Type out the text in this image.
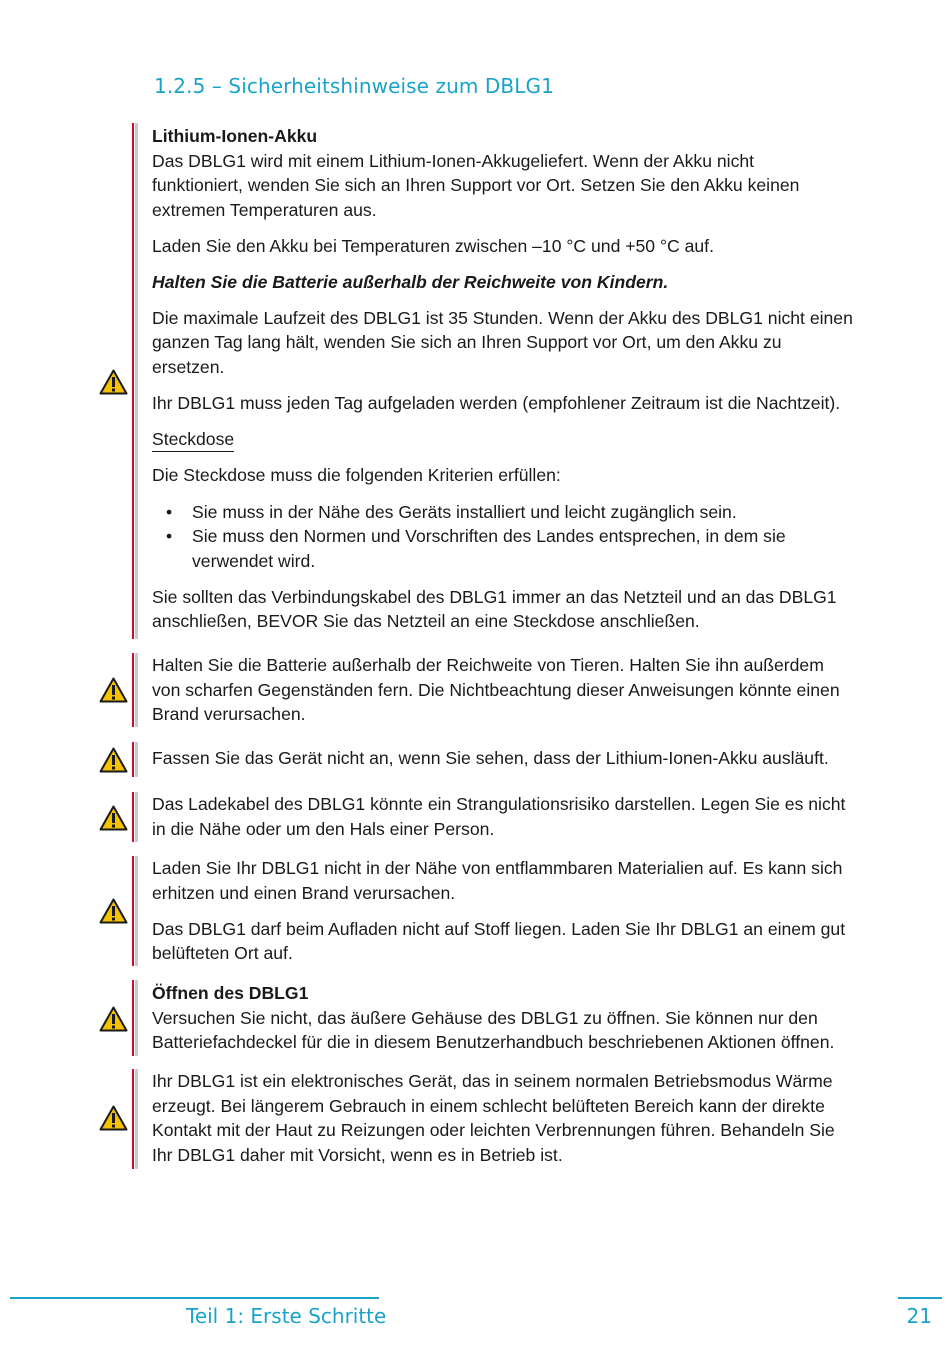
1.2.5 – Sicherheitshinweise zum DBLG1

Lithium-Ionen-Akku

Das DBLG1 wird mit einem Lithium-Ionen-Akkugeliefert. Wenn der Akku nicht
funktioniert, wenden Sie sich an Ihren Support vor Ort. Setzen Sie den Akku keinen
extremen Temperaturen aus.

Laden Sie den Akku bei Temperaturen zwischen –10 °C und +50 °C auf.

Halten Sie die Batterie außerhalb der Reichweite von Kindern.

Die maximale Laufzeit des DBLG1 ist 35 Stunden. Wenn der Akku des DBLG1 nicht einen
ganzen Tag lang hält, wenden Sie sich an Ihren Support vor Ort, um den Akku zu
ersetzen.

Ihr DBLG1 muss jeden Tag aufgeladen werden (empfohlener Zeitraum ist die Nachtzeit).

Steckdose

Die Steckdose muss die folgenden Kriterien erfüllen:

• Sie muss in der Nähe des Geräts installiert und leicht zugänglich sein.
• Sie muss den Normen und Vorschriften des Landes entsprechen, in dem sie
verwendet wird.

Sie sollten das Verbindungskabel des DBLG1 immer an das Netzteil und an das DBLG1
anschließen, BEVOR Sie das Netzteil an eine Steckdose anschließen.

Halten Sie die Batterie außerhalb der Reichweite von Tieren. Halten Sie ihn außerdem
von scharfen Gegenständen fern. Die Nichtbeachtung dieser Anweisungen könnte einen
Brand verursachen.

Fassen Sie das Gerät nicht an, wenn Sie sehen, dass der Lithium-Ionen-Akku ausläuft.

Das Ladekabel des DBLG1 könnte ein Strangulationsrisiko darstellen. Legen Sie es nicht
in die Nähe oder um den Hals einer Person.

Laden Sie Ihr DBLG1 nicht in der Nähe von entflammbaren Materialien auf. Es kann sich
erhitzen und einen Brand verursachen.

Das DBLG1 darf beim Aufladen nicht auf Stoff liegen. Laden Sie Ihr DBLG1 an einem gut
belüfteten Ort auf.

Öffnen des DBLG1

Versuchen Sie nicht, das äußere Gehäuse des DBLG1 zu öffnen. Sie können nur den
Batteriefachdeckel für die in diesem Benutzerhandbuch beschriebenen Aktionen öffnen.

Ihr DBLG1 ist ein elektronisches Gerät, das in seinem normalen Betriebsmodus Wärme
erzeugt. Bei längerem Gebrauch in einem schlecht belüfteten Bereich kann der direkte
Kontakt mit der Haut zu Reizungen oder leichten Verbrennungen führen. Behandeln Sie
Ihr DBLG1 daher mit Vorsicht, wenn es in Betrieb ist.

Teil 1: Erste Schritte	21
